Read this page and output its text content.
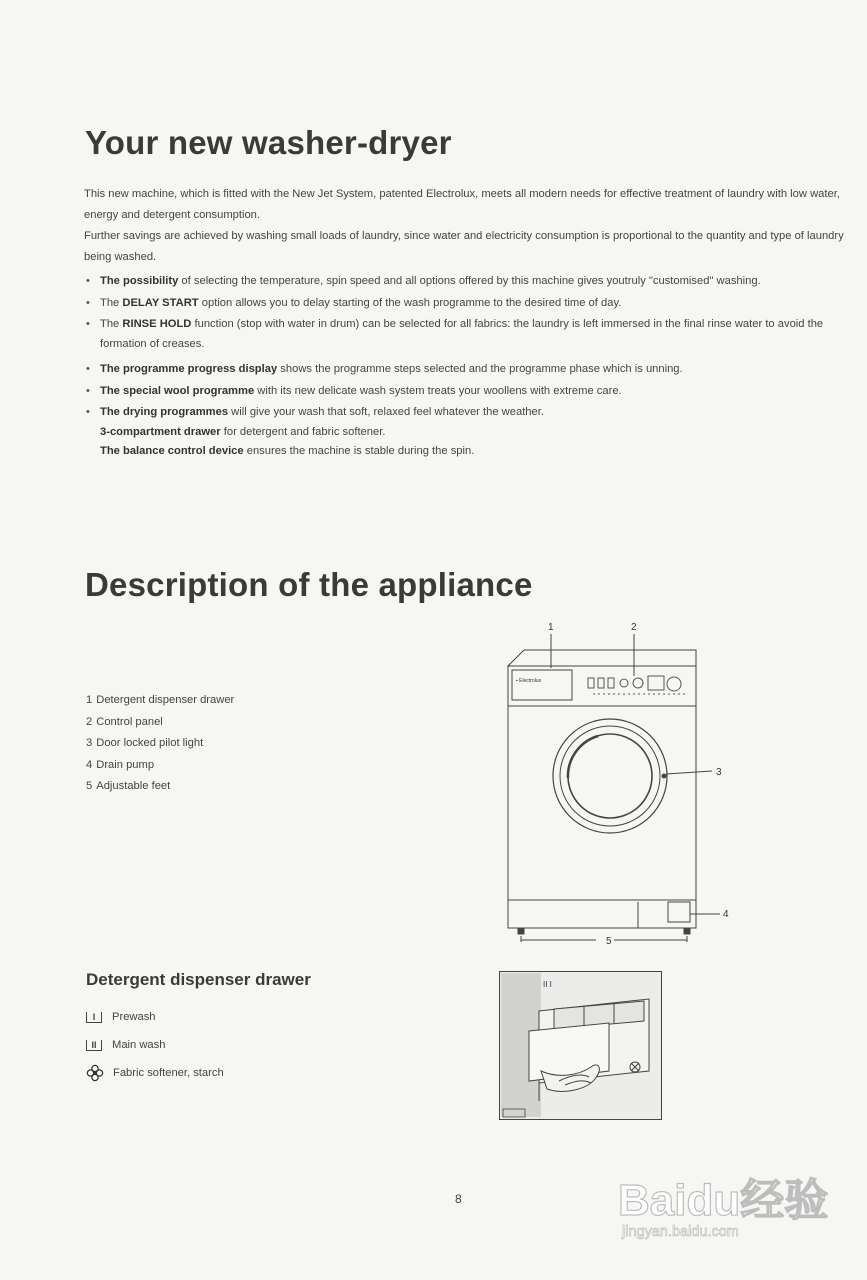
Your new washer-dryer

This new machine, which is fitted with the New Jet System, patented Electrolux, meets all modern needs for effective treatment of laundry with low water, energy and detergent consumption.

Further savings are achieved by washing small loads of laundry, since water and electricity consumption is proportional to the quantity and type of laundry being washed.

• The possibility of selecting the temperature, spin speed and all options offered by this machine gives youtruly "customised" washing.
• The DELAY START option allows you to delay starting of the wash programme to the desired time of day.
• The RINSE HOLD function (stop with water in drum) can be selected for all fabrics: the laundry is left immersed in the final rinse water to avoid the formation of creases.
• The programme progress display shows the programme steps selected and the programme phase which is unning.
• The special wool programme with its new delicate wash system treats your woollens with extreme care.
• The drying programmes will give your wash that soft, relaxed feel whatever the weather.
3-compartment drawer for detergent and fabric softener.
The balance control device ensures the machine is stable during the spin.
Description of the appliance
1 Detergent dispenser drawer
2 Control panel
3 Door locked pilot light
4 Drain pump
5 Adjustable feet
1	2
▪ Electrolux
3
4
5
Detergent dispenser drawer
I	Prewash
II	Main wash
Fabric softener, starch
II I
8	Baidu经验
jingyan.baidu.com
